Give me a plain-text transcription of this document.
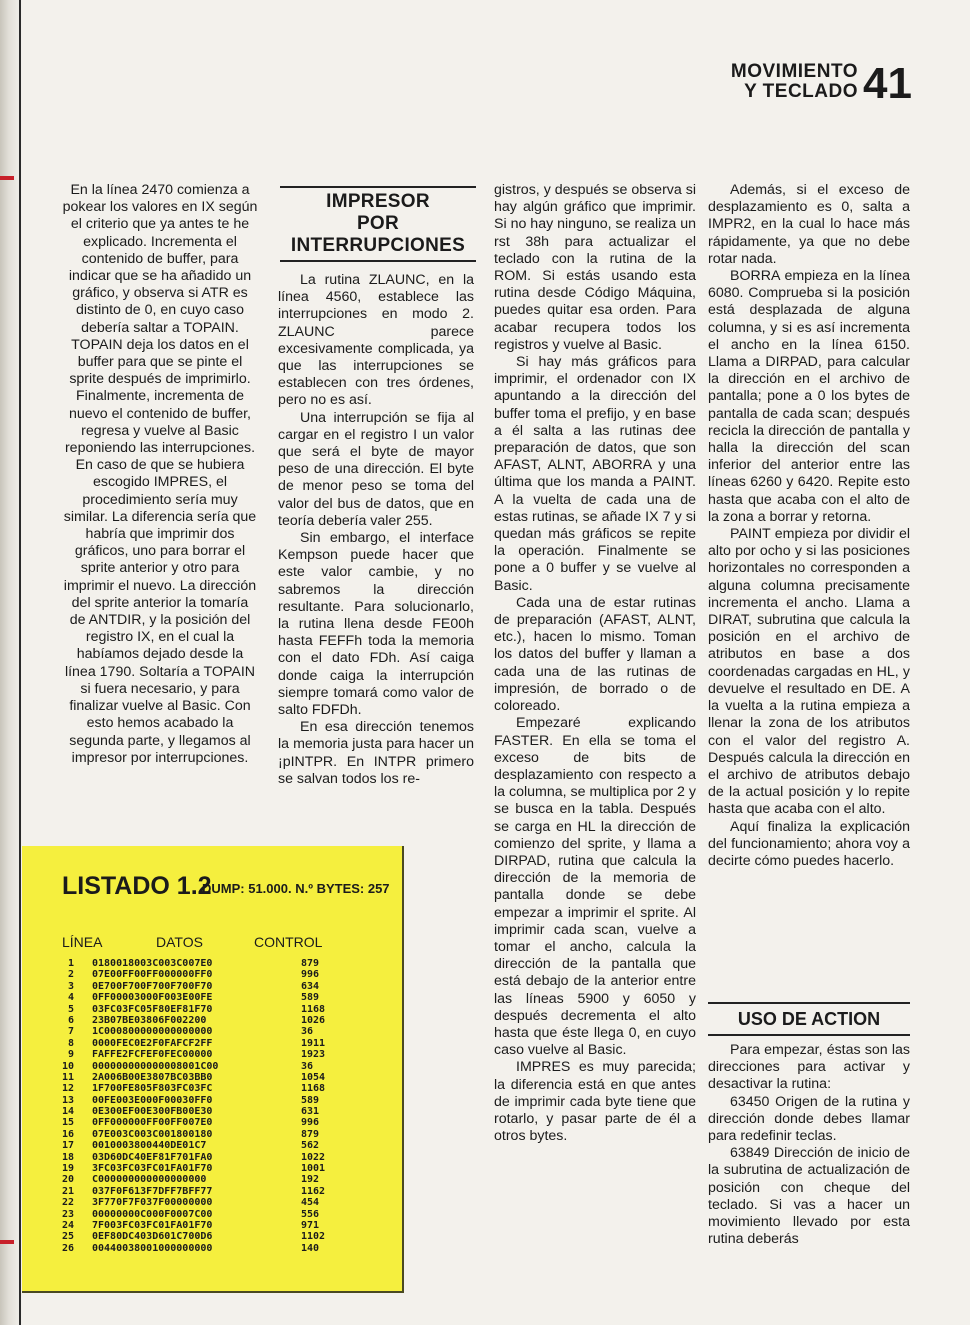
MOVIMIENTO
Y TECLADO 41

En la línea 2470 comienza a pokear los valores en IX según el criterio que ya antes te he explicado. Incrementa el contenido de buffer, para indicar que se ha añadido un gráfico, y observa si ATR es distinto de 0, en cuyo caso debería saltar a TOPAIN.

TOPAIN deja los datos en el buffer para que se pinte el sprite después de imprimirlo. Finalmente, incrementa de nuevo el contenido de buffer, regresa y vuelve al Basic reponiendo las interrupciones.

En caso de que se hubiera escogido IMPRES, el procedimiento sería muy similar. La diferencia sería que habría que imprimir dos gráficos, uno para borrar el sprite anterior y otro para imprimir el nuevo. La dirección del sprite anterior la tomaría de ANTDIR, y la posición del registro IX, en el cual la habíamos dejado desde la línea 1790. Soltaría a TOPAIN si fuera necesario, y para finalizar vuelve al Basic. Con esto hemos acabado la segunda parte, y llegamos al impresor por interrupciones.

IMPRESOR
POR INTERRUPCIONES

La rutina ZLAUNC, en la línea 4560, establece las interrupciones en modo 2. ZLAUNC parece excesivamente complicada, ya que las interrupciones se establecen con tres órdenes, pero no es así.

Una interrupción se fija al cargar en el registro I un valor que será el byte de mayor peso de una dirección. El byte de menor peso se toma del valor del bus de datos, que en teoría debería valer 255.

Sin embargo, el interface Kempson puede hacer que este valor cambie, y no sabremos la dirección resultante. Para solucionarlo, la rutina llena desde FE00h hasta FEFFh toda la memoria con el dato FDh. Así caiga donde caiga la interrupción siempre tomará como valor de salto FDFDh.

En esa dirección tenemos la memoria justa para hacer un ¡pINTPR. En INTPR primero se salvan todos los re-

gistros, y después se observa si hay algún gráfico que imprimir. Si no hay ninguno, se realiza un rst 38h para actualizar el teclado con la rutina de la ROM. Si estás usando esta rutina desde Código Máquina, puedes quitar esa orden. Para acabar recupera todos los registros y vuelve al Basic.

Si hay más gráficos para imprimir, el ordenador con IX apuntando a la dirección del buffer toma el prefijo, y en base a él salta a las rutinas dee preparación de datos, que son AFAST, ALNT, ABORRA y una última que los manda a PAINT. A la vuelta de cada una de estas rutinas, se añade IX 7 y si quedan más gráficos se repite la operación. Finalmente se pone a 0 buffer y se vuelve al Basic.

Cada una de estar rutinas de preparación (AFAST, ALNT, etc.), hacen lo mismo. Toman los datos del buffer y llaman a cada una de las rutinas de impresión, de borrado o de coloreado.

Empezaré explicando FASTER. En ella se toma el exceso de bits de desplazamiento con respecto a la columna, se multiplica por 2 y se busca en la tabla. Después se carga en HL la dirección de comienzo del sprite, y llama a DIRPAD, rutina que calcula la dirección de la memoria de pantalla donde se debe empezar a imprimir el sprite. Al imprimir cada scan, vuelve a tomar el ancho, calcula la dirección de la pantalla que está debajo de la anterior entre las líneas 5900 y 6050 y después decrementa el alto hasta que éste llega 0, en cuyo caso vuelve al Basic.

IMPRES es muy parecida; la diferencia está en que antes de imprimir cada byte tiene que rotarlo, y pasar parte de él a otros bytes.

Además, si el exceso de desplazamiento es 0, salta a IMPR2, en la cual lo hace más rápidamente, ya que no debe rotar nada.

BORRA empieza en la línea 6080. Comprueba si la posición está desplazada de alguna columna, y si es así incrementa el ancho en la línea 6150. Llama a DIRPAD, para calcular la dirección en el archivo de pantalla; pone a 0 los bytes de pantalla de cada scan; después recicla la dirección de pantalla y halla la dirección del scan inferior del anterior entre las líneas 6260 y 6420. Repite esto hasta que acaba con el alto de la zona a borrar y retorna.

PAINT empieza por dividir el alto por ocho y si las posiciones horizontales no corresponden a alguna columna precisamente incrementa el ancho. Llama a DIRAT, subrutina que calcula la posición en el archivo de atributos en base a dos coordenadas cargadas en HL, y devuelve el resultado en DE. A la vuelta a la rutina empieza a llenar la zona de los atributos con el valor del registro A. Después calcula la dirección en el archivo de atributos debajo de la actual posición y lo repite hasta que acaba con el alto.

Aquí finaliza la explicación del funcionamiento; ahora voy a decirte cómo puedes hacerlo.

USO DE ACTION

Para empezar, éstas son las direcciones para activar y desactivar la rutina:

63450 Origen de la rutina y dirección donde debes llamar para redefinir teclas.

63849 Dirección de inicio de la subrutina de actualización de posición con cheque del teclado. Si vas a hacer un movimiento llevado por esta rutina deberás

LISTADO 1.2
DUMP: 51.000. N.º BYTES: 257
LÍNEA	DATOS	CONTROL
1 0180018003C003C007E0	879
2 07E00FF00FF000000FF0	996
3 0E700F700F700F700F70	634
4 0FF00003000F003E00FE	589
5 03FC03FC05F80EF81F70	1168
6 23B07BE03806F002200	1026
7 1C000800000000000000	36
8 0000FEC0E2F0FAFCF2FF	1911
9 FAFFE2FCFEF0FEC00000	1923
10 000000000000008001C00	36
11 2A006B00E3807BC03BB0	1054
12 1F700FE805F803FC03FC	1168
13 00FE003E000F00030FF0	589
14 0E300EF00E300FB00E30	631
15 0FF000000FF00FF007E0	996
16 07E003C003C001800180	879
17 0010003800440DE01C7	562
18 03D60DC40EF81F701FA0	1022
19 3FC03FC03FC01FA01F70	1001
20 C000000000000000000	192
21 037F0F613F7DFF7BFF77	1162
22 3F770F7F037F00000000	454
23 00000000C000F0007C00	556
24 7F003FC03FC01FA01F70	971
25 0EF80DC403D601C700D6	1102
26 00440038001000000000	140
